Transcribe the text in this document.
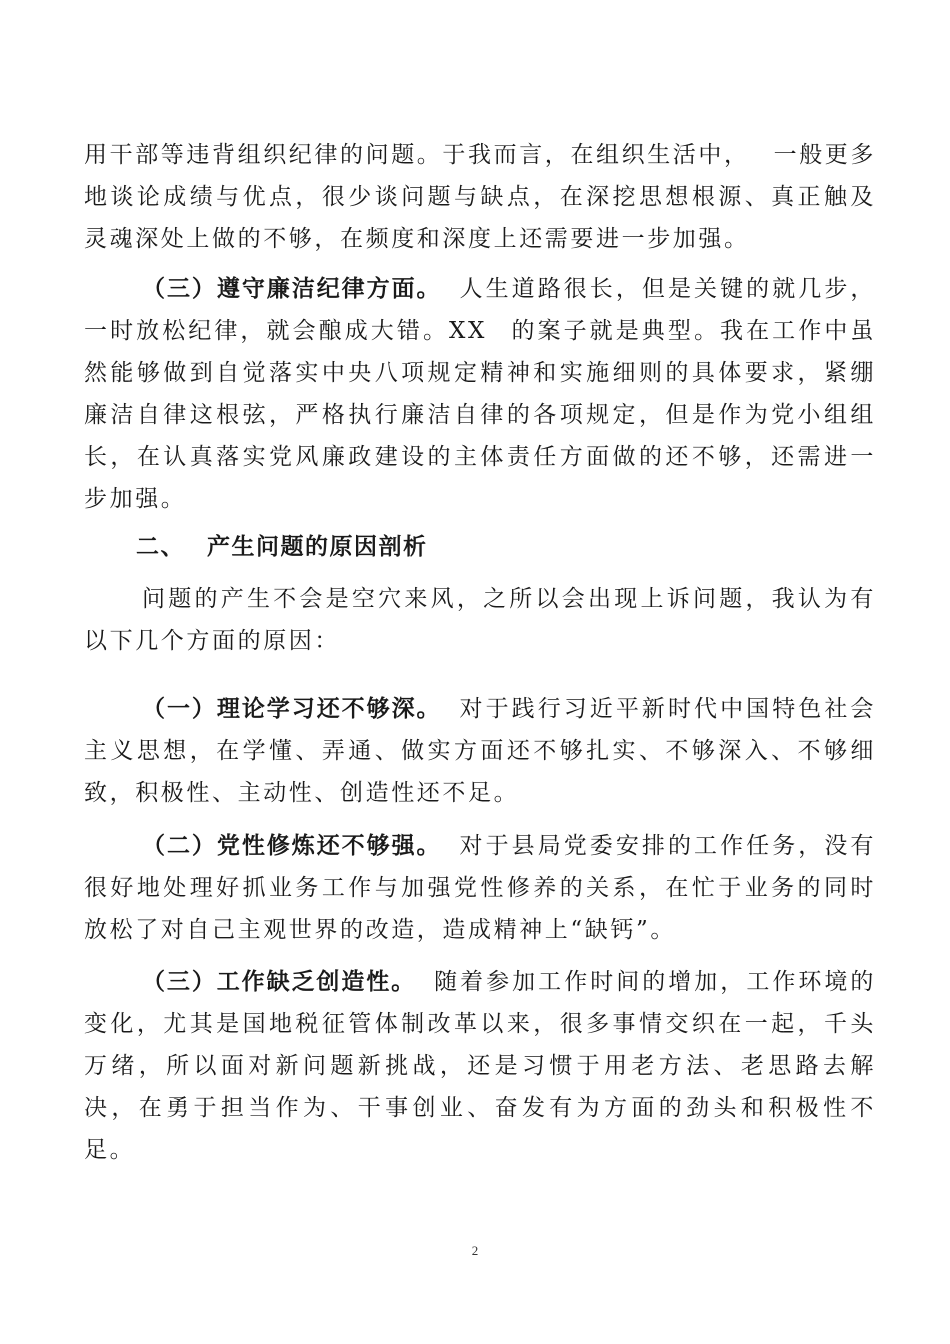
用干部等违背组织纪律的问题。于我而言，在组织生活中， 一般更多地谈论成绩与优点，很少谈问题与缺点，在深挖思想根源、真正触及灵魂深处上做的不够，在频度和深度上还需要进一步加强。

（三）遵守廉洁纪律方面。 人生道路很长，但是关键的就几步，一时放松纪律，就会酿成大错。XX 的案子就是典型。我在工作中虽然能够做到自觉落实中央八项规定精神和实施细则的具体要求，紧绷廉洁自律这根弦，严格执行廉洁自律的各项规定，但是作为党小组组长，在认真落实党风廉政建设的主体责任方面做的还不够，还需进一步加强。

二、 产生问题的原因剖析

问题的产生不会是空穴来风，之所以会出现上诉问题，我认为有以下几个方面的原因：

（一）理论学习还不够深。 对于践行习近平新时代中国特色社会主义思想，在学懂、弄通、做实方面还不够扎实、不够深入、不够细致，积极性、主动性、创造性还不足。

（二）党性修炼还不够强。 对于县局党委安排的工作任务，没有很好地处理好抓业务工作与加强党性修养的关系，在忙于业务的同时放松了对自己主观世界的改造，造成精神上“缺钙”。

（三）工作缺乏创造性。 随着参加工作时间的增加，工作环境的变化，尤其是国地税征管体制改革以来，很多事情交织在一起，千头万绪，所以面对新问题新挑战，还是习惯于用老方法、老思路去解决，在勇于担当作为、干事创业、奋发有为方面的劲头和积极性不足。

2
